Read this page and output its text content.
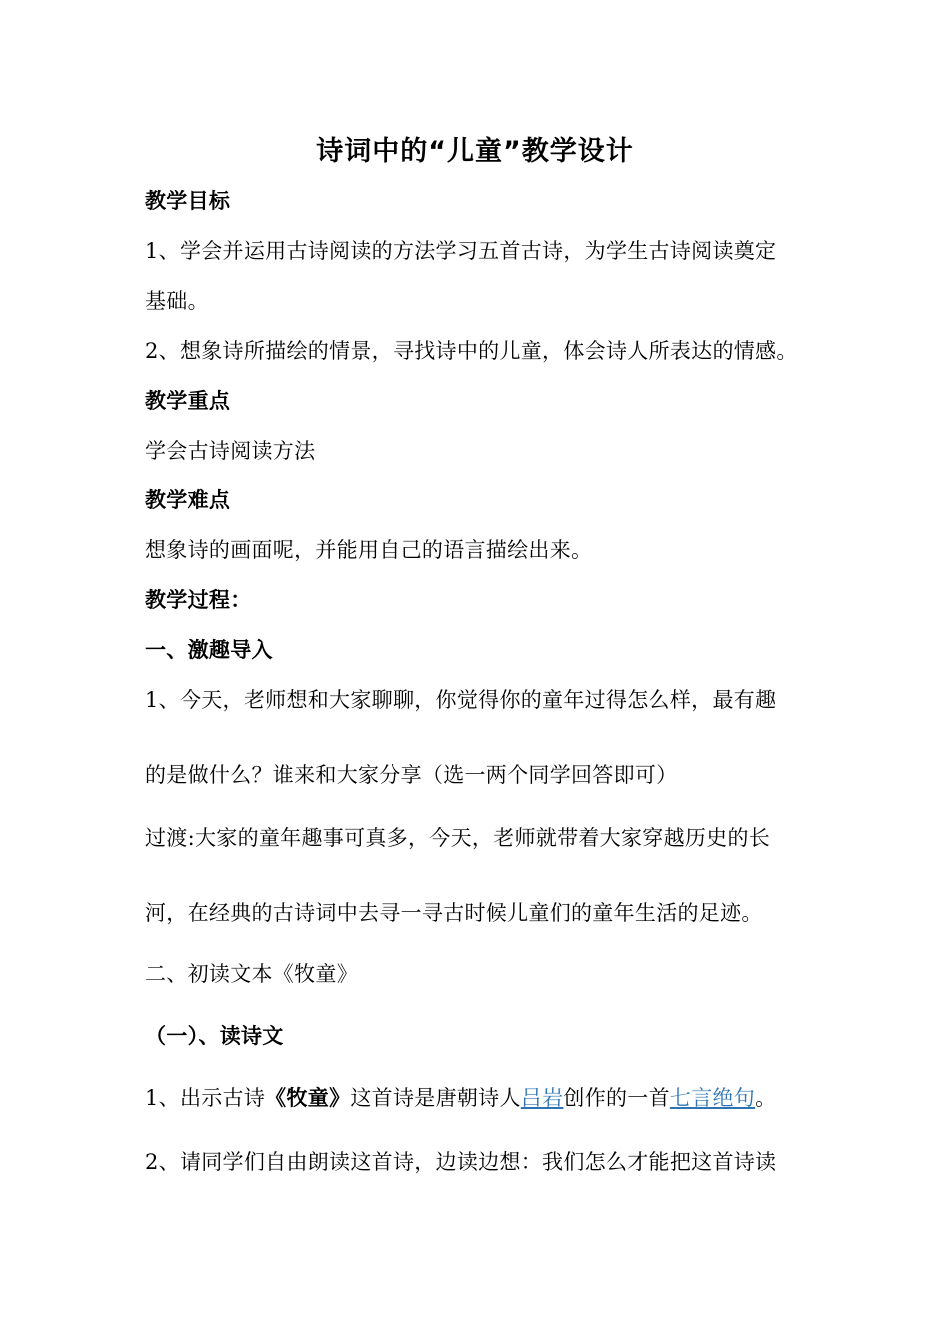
诗词中的“儿童”教学设计
教学目标
1、学会并运用古诗阅读的方法学习五首古诗，为学生古诗阅读奠定
基础。
2、想象诗所描绘的情景，寻找诗中的儿童，体会诗人所表达的情感。
教学重点
学会古诗阅读方法
教学难点
想象诗的画面呢，并能用自己的语言描绘出来。
教学过程：
一、激趣导入
1、今天，老师想和大家聊聊，你觉得你的童年过得怎么样，最有趣
的是做什么？谁来和大家分享（选一两个同学回答即可）
过渡:大家的童年趣事可真多，今天，老师就带着大家穿越历史的长
河，在经典的古诗词中去寻一寻古时候儿童们的童年生活的足迹。
二、初读文本《牧童》
（一）、读诗文
1、出示古诗《牧童》这首诗是唐朝诗人吕岩创作的一首七言绝句。
2、请同学们自由朗读这首诗，边读边想：我们怎么才能把这首诗读
